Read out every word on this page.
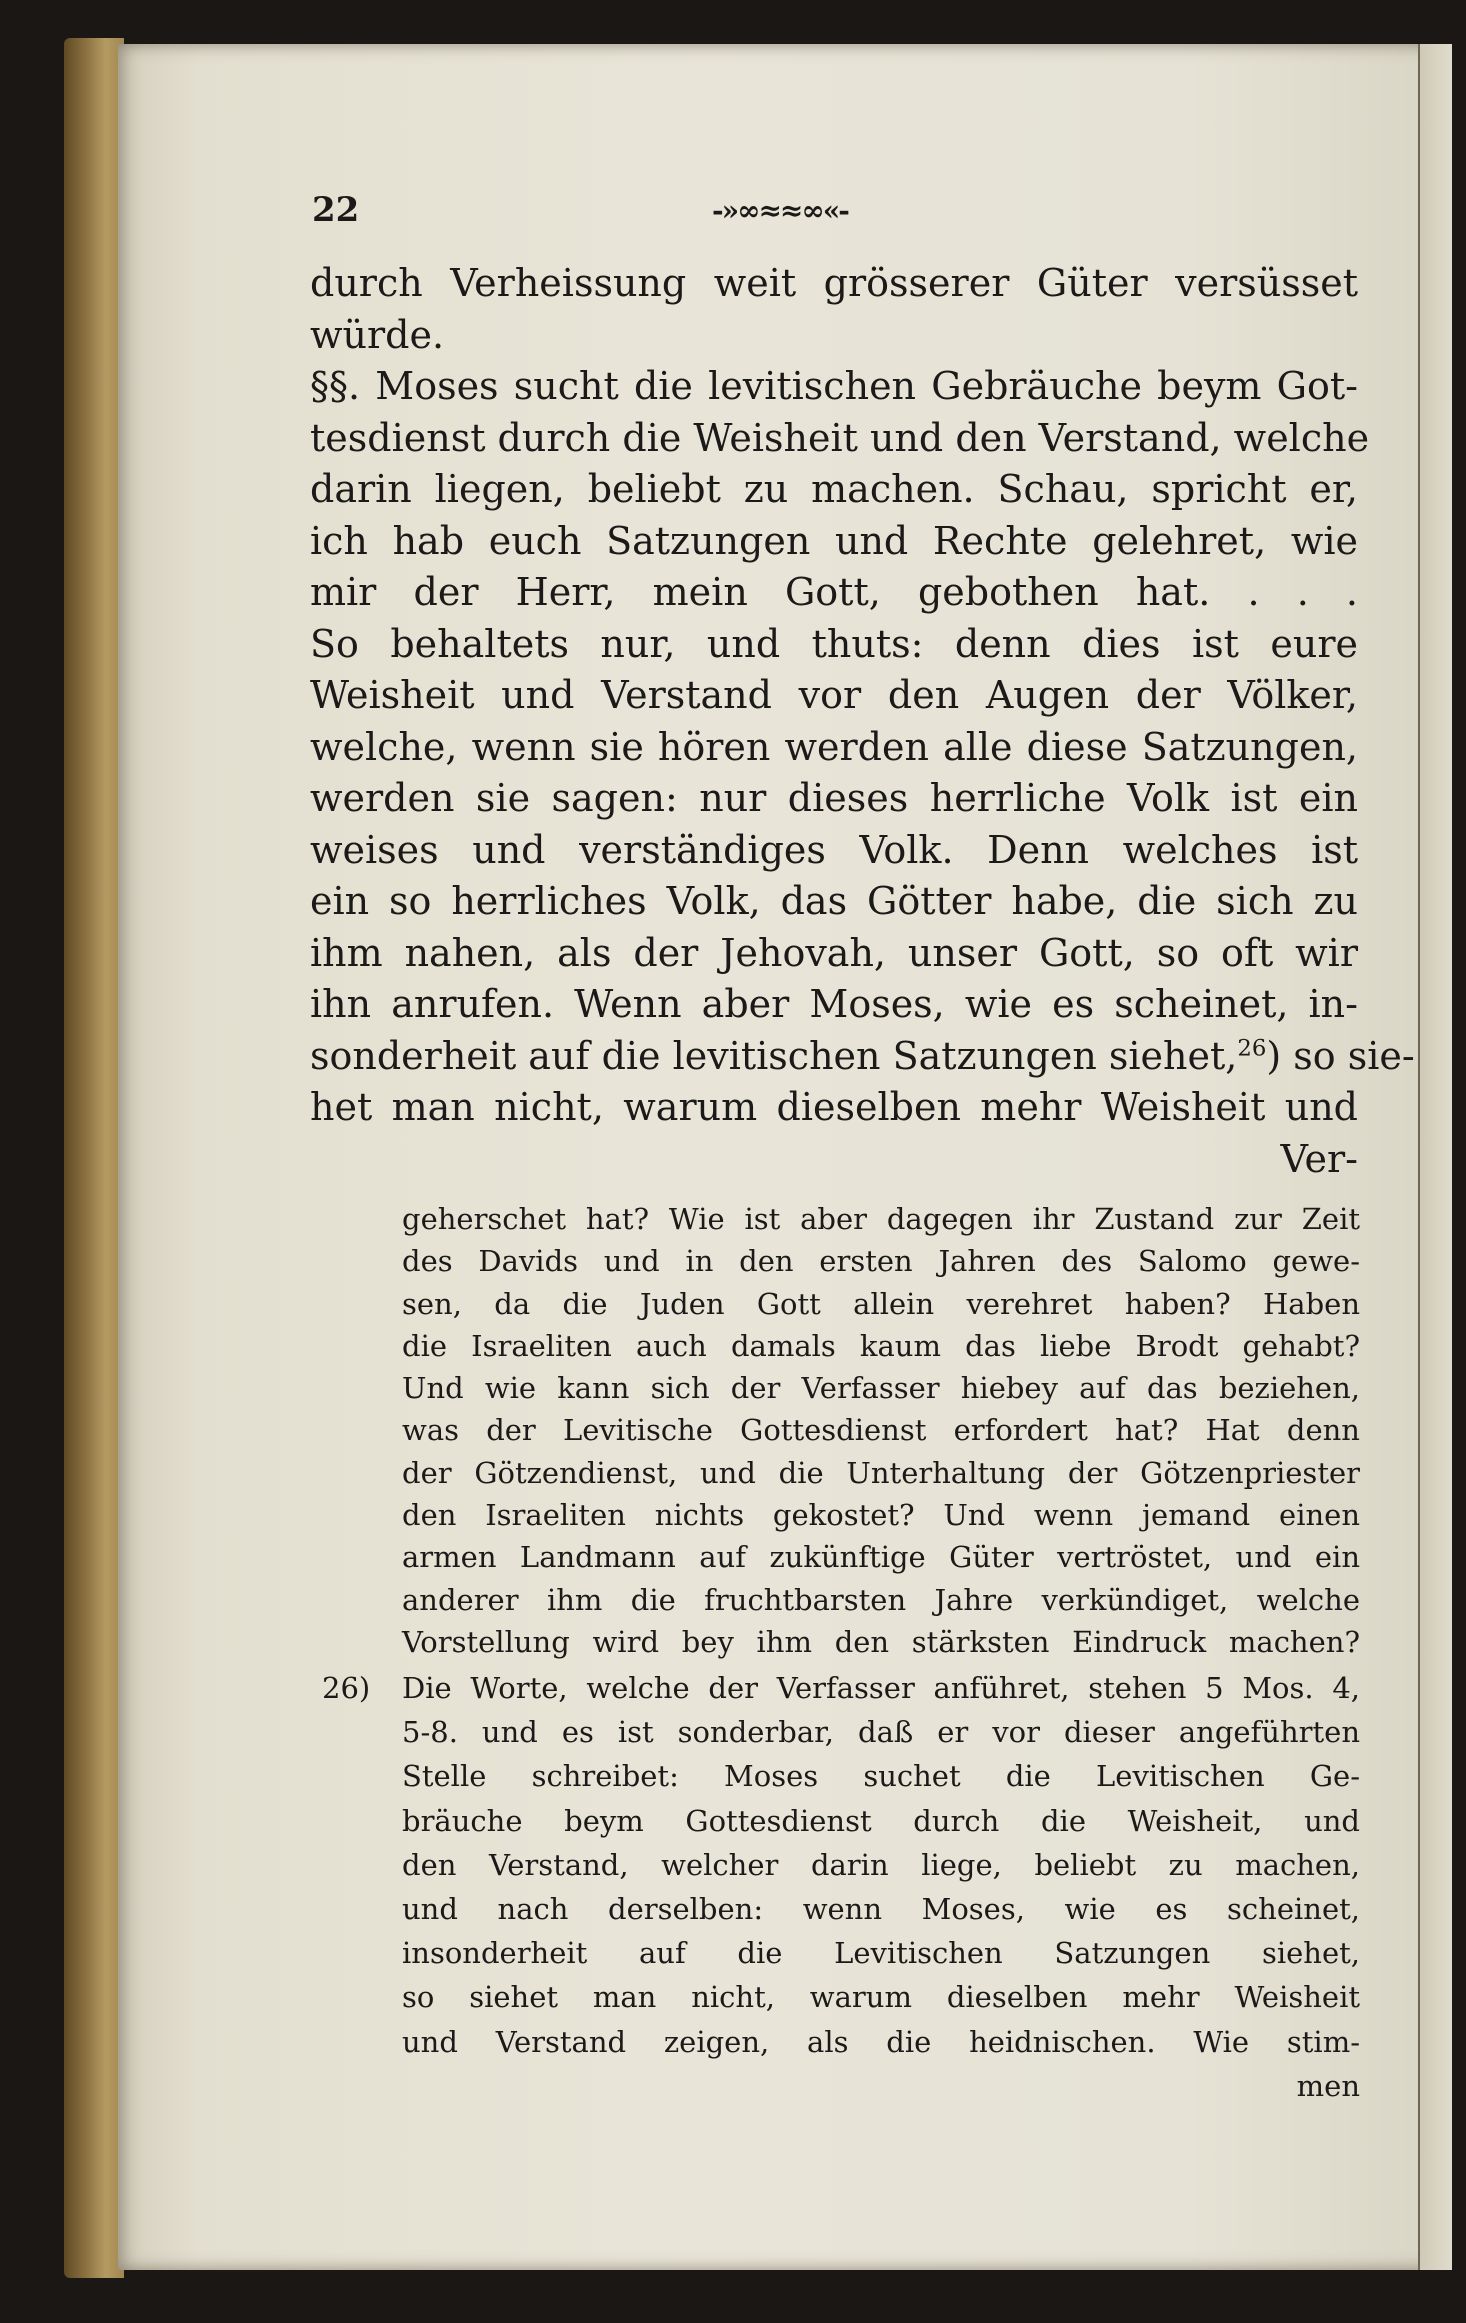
22	-»∞≈≈∞«-
durch Verheissung weit grösserer Güter versüsset
würde.
§§. Moses sucht die levitischen Gebräuche beym Got-
tesdienst durch die Weisheit und den Verstand, welche
darin liegen, beliebt zu machen. Schau, spricht er,
ich hab euch Satzungen und Rechte gelehret, wie
mir der Herr, mein Gott, gebothen hat. . . .
So behaltets nur, und thuts: denn dies ist eure
Weisheit und Verstand vor den Augen der Völker,
welche, wenn sie hören werden alle diese Satzungen,
werden sie sagen: nur dieses herrliche Volk ist ein
weises und verständiges Volk. Denn welches ist
ein so herrliches Volk, das Götter habe, die sich zu
ihm nahen, als der Jehovah, unser Gott, so oft wir
ihn anrufen. Wenn aber Moses, wie es scheinet, in-
sonderheit auf die levitischen Satzungen siehet,$^{26}$) so sie-
het man nicht, warum dieselben mehr Weisheit und
Ver-
geherschet hat? Wie ist aber dagegen ihr Zustand zur Zeit
des Davids und in den ersten Jahren des Salomo gewe-
sen, da die Juden Gott allein verehret haben? Haben
die Israeliten auch damals kaum das liebe Brodt gehabt?
Und wie kann sich der Verfasser hiebey auf das beziehen,
was der Levitische Gottesdienst erfordert hat? Hat denn
der Götzendienst, und die Unterhaltung der Götzenpriester
den Israeliten nichts gekostet? Und wenn jemand einen
armen Landmann auf zukünftige Güter vertröstet, und ein
anderer ihm die fruchtbarsten Jahre verkündiget, welche
Vorstellung wird bey ihm den stärksten Eindruck machen?
26) Die Worte, welche der Verfasser anführet, stehen 5 Mos. 4,
5-8. und es ist sonderbar, daß er vor dieser angeführten
Stelle schreibet: Moses suchet die Levitischen Ge-
bräuche beym Gottesdienst durch die Weisheit, und
den Verstand, welcher darin liege, beliebt zu machen,
und nach derselben: wenn Moses, wie es scheinet,
insonderheit auf die Levitischen Satzungen siehet,
so siehet man nicht, warum dieselben mehr Weisheit
und Verstand zeigen, als die heidnischen. Wie stim-
men
